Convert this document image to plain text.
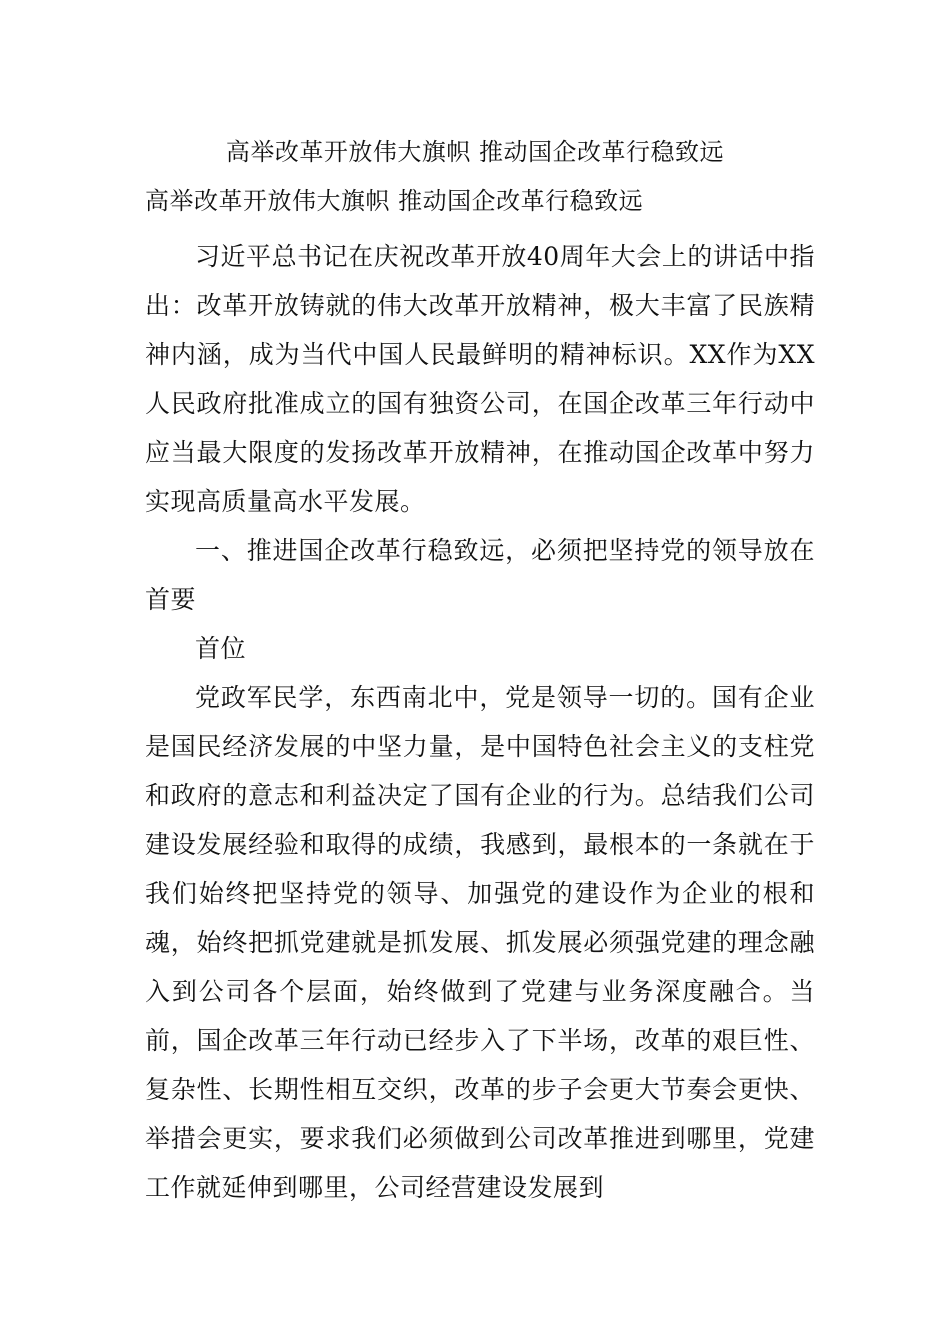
高举改革开放伟大旗帜 推动国企改革行稳致远
高举改革开放伟大旗帜 推动国企改革行稳致远

习近平总书记在庆祝改革开放40周年大会上的讲话中指出：改革开放铸就的伟大改革开放精神，极大丰富了民族精神内涵，成为当代中国人民最鲜明的精神标识。XX作为XX人民政府批准成立的国有独资公司，在国企改革三年行动中应当最大限度的发扬改革开放精神，在推动国企改革中努力实现高质量高水平发展。

一、推进国企改革行稳致远，必须把坚持党的领导放在首要

首位

党政军民学，东西南北中，党是领导一切的。国有企业是国民经济发展的中坚力量，是中国特色社会主义的支柱党和政府的意志和利益决定了国有企业的行为。总结我们公司建设发展经验和取得的成绩，我感到，最根本的一条就在于我们始终把坚持党的领导、加强党的建设作为企业的根和魂，始终把抓党建就是抓发展、抓发展必须强党建的理念融入到公司各个层面，始终做到了党建与业务深度融合。当前，国企改革三年行动已经步入了下半场，改革的艰巨性、复杂性、长期性相互交织，改革的步子会更大节奏会更快、举措会更实，要求我们必须做到公司改革推进到哪里，党建工作就延伸到哪里，公司经营建设发展到
